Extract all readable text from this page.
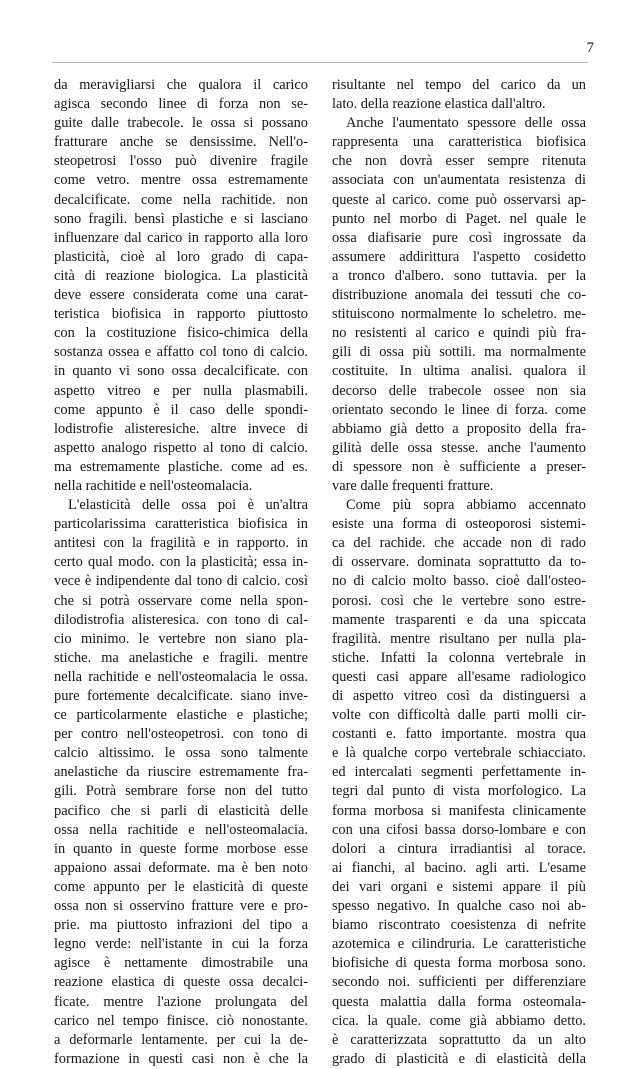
7
da meravigliarsi che qualora il carico
agisca secondo linee di forza non se-
guite dalle trabecole. le ossa si possano
fratturare anche se densissime. Nell'o-
steopetrosi l'osso può divenire fragile
come vetro. mentre ossa estremamente
decalcificate. come nella rachitide. non
sono fragili. bensì plastiche e si lasciano
influenzare dal carico in rapporto alla loro
plasticità, cioè al loro grado di capa-
cità di reazione biologica. La plasticità
deve essere considerata come una carat-
teristica biofisica in rapporto piuttosto
con la costituzione fisico-chimica della
sostanza ossea e affatto col tono di calcio.
in quanto vi sono ossa decalcificate. con
aspetto vitreo e per nulla plasmabili.
come appunto è il caso delle spondi-
lodistrofie alisteresiche. altre invece di
aspetto analogo rispetto al tono di calcio.
ma estremamente plastiche. come ad es.
nella rachitide e nell'osteomalacia.
L'elasticità delle ossa poi è un'altra
particolarissima caratteristica biofisica in
antitesi con la fragilità e in rapporto. in
certo qual modo. con la plasticità; essa in-
vece è indipendente dal tono di calcio. così
che si potrà osservare come nella spon-
dilodistrofia alisteresica. con tono di cal-
cio minimo. le vertebre non siano pla-
stiche. ma anelastiche e fragili. mentre
nella rachitide e nell'osteomalacia le ossa.
pure fortemente decalcificate. siano inve-
ce particolarmente elastiche e plastiche;
per contro nell'osteopetrosi. con tono di
calcio altissimo. le ossa sono talmente
anelastiche da riuscire estremamente fra-
gili. Potrà sembrare forse non del tutto
pacifico che si parli di elasticità delle
ossa nella rachitide e nell'osteomalacia.
in quanto in queste forme morbose esse
appaiono assai deformate. ma è ben noto
come appunto per le elasticità di queste
ossa non si osservino fratture vere e pro-
prie. ma piuttosto infrazioni del tipo a
legno verde: nell'istante in cui la forza
agisce è nettamente dimostrabile una
reazione elastica di queste ossa decalci-
ficate. mentre l'azione prolungata del
carico nel tempo finisce. ciò nonostante.
a deformarle lentamente. per cui la de-
formazione in questi casi non è che la
risultante nel tempo del carico da un
lato. della reazione elastica dall'altro.
Anche l'aumentato spessore delle ossa
rappresenta una caratteristica biofisica
che non dovrà esser sempre ritenuta
associata con un'aumentata resistenza di
queste al carico. come può osservarsi ap-
punto nel morbo di Paget. nel quale le
ossa diafisarie pure così ingrossate da
assumere addirittura l'aspetto cosidetto
a tronco d'albero. sono tuttavia. per la
distribuzione anomala dei tessuti che co-
stituiscono normalmente lo scheletro. me-
no resistenti al carico e quindi più fra-
gili di ossa più sottili. ma normalmente
costituite. In ultima analisi. qualora il
decorso delle trabecole ossee non sia
orientato secondo le linee di forza. come
abbiamo già detto a proposito della fra-
gilità delle ossa stesse. anche l'aumento
di spessore non è sufficiente a preser-
vare dalle frequenti fratture.
Come più sopra abbiamo accennato
esiste una forma di osteoporosi sistemi-
ca del rachide. che accade non di rado
di osservare. dominata soprattutto da to-
no di calcio molto basso. cioè dall'osteo-
porosi. così che le vertebre sono estre-
mamente trasparenti e da una spiccata
fragilità. mentre risultano per nulla pla-
stiche. Infatti la colonna vertebrale in
questi casi appare all'esame radiologico
di aspetto vitreo così da distinguersi a
volte con difficoltà dalle parti molli cir-
costanti e. fatto importante. mostra qua
e là qualche corpo vertebrale schiacciato.
ed intercalati segmenti perfettamente in-
tegri dal punto di vista morfologico. La
forma morbosa si manifesta clinicamente
con una cifosi bassa dorso-lombare e con
dolori a cintura irradiantisi al torace.
ai fianchi, al bacino. agli arti. L'esame
dei vari organi e sistemi appare il più
spesso negativo. In qualche caso noi ab-
biamo riscontrato coesistenza di nefrite
azotemica e cilindruria. Le caratteristiche
biofisiche di questa forma morbosa sono.
secondo noi. sufficienti per differenziare
questa malattia dalla forma osteomala-
cica. la quale. come già abbiamo detto.
è caratterizzata soprattutto da un alto
grado di plasticità e di elasticità della
